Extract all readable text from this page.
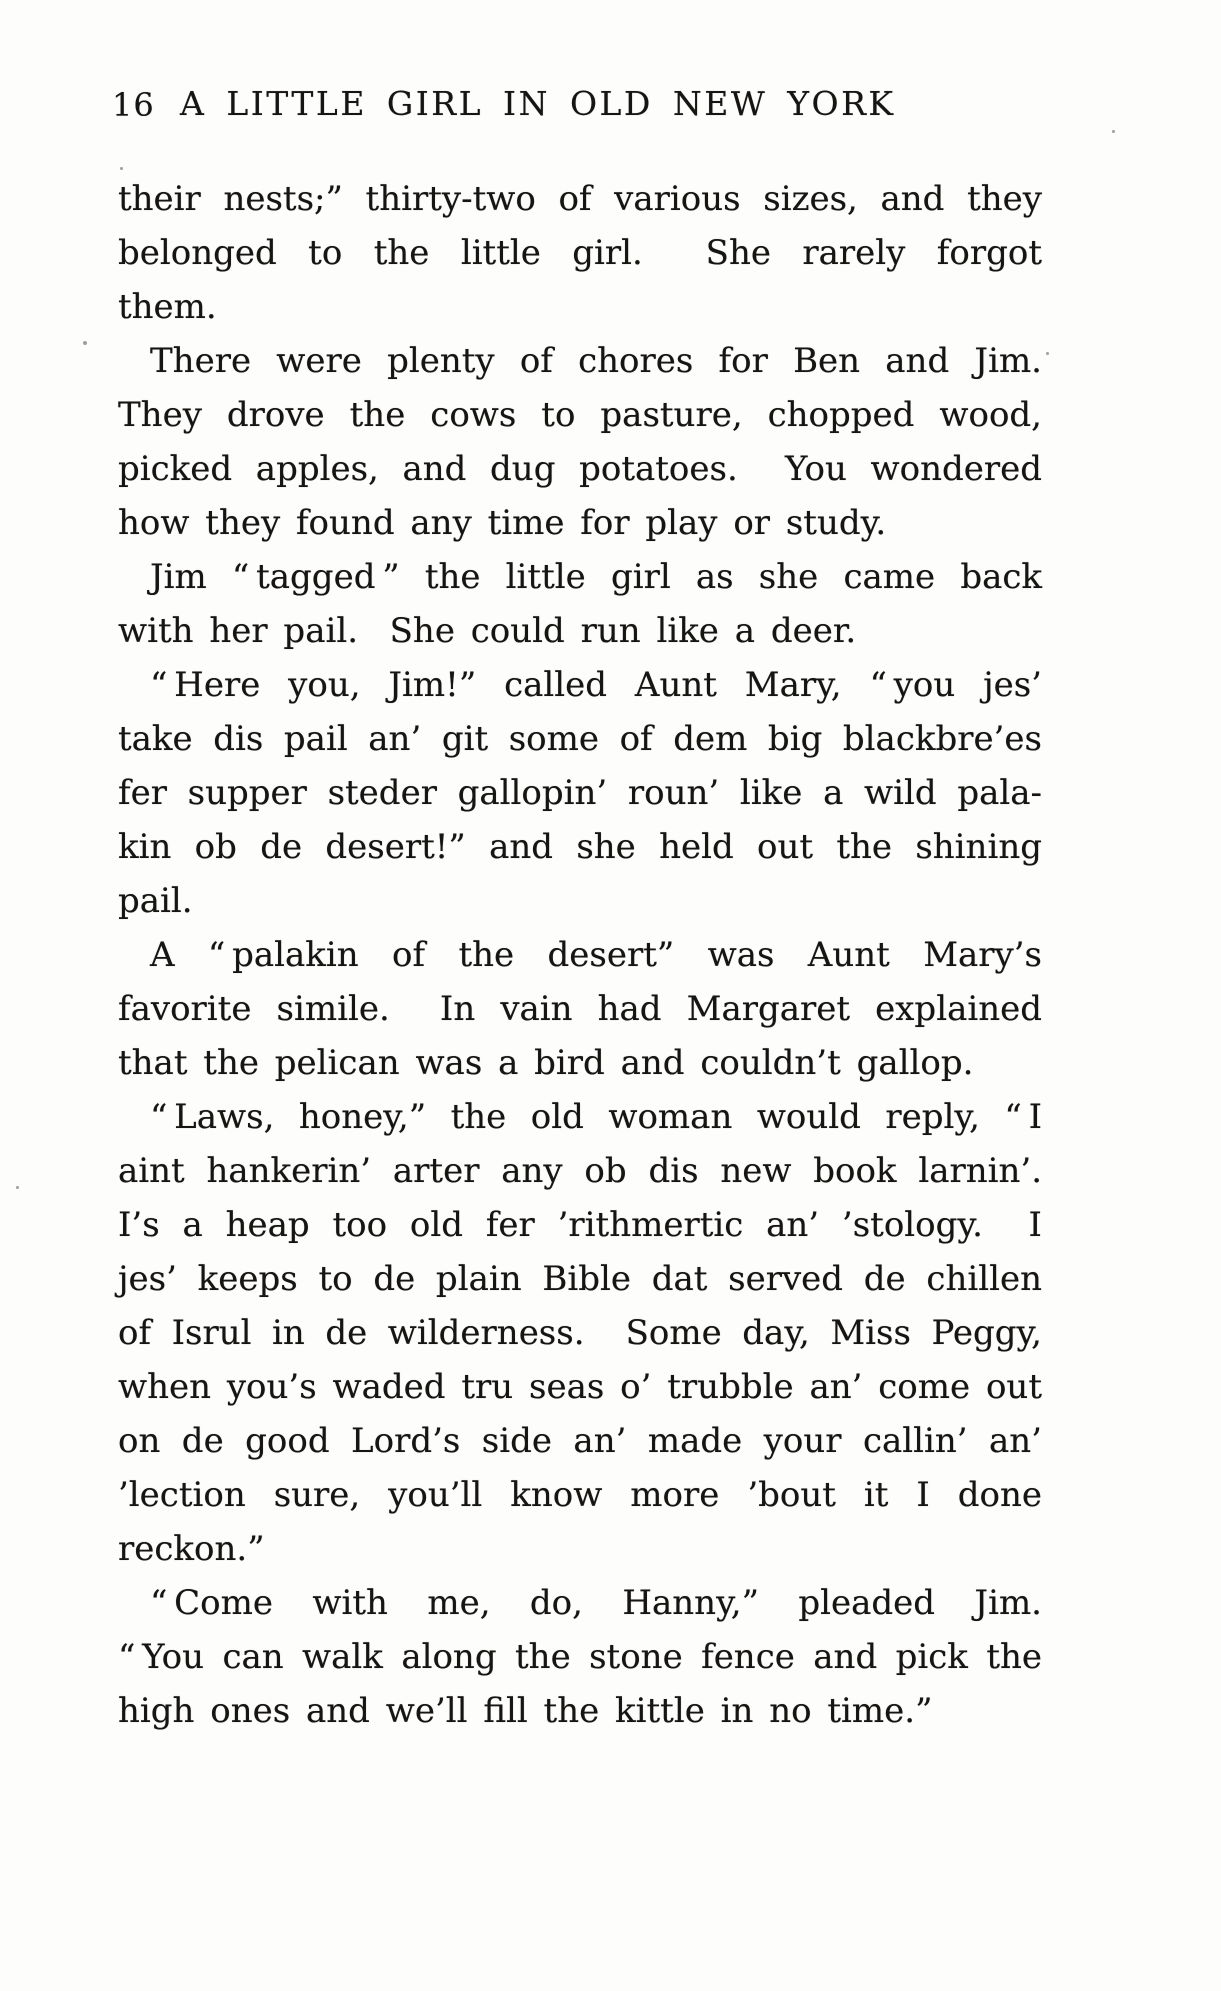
16 A LITTLE GIRL IN OLD NEW YORK
their nests;” thirty-two of various sizes, and they
belonged to the little girl.  She rarely forgot
them.
There were plenty of chores for Ben and Jim.
They drove the cows to pasture, chopped wood,
picked apples, and dug potatoes.  You wondered
how they found any time for play or study.
Jim “ tagged ” the little girl as she came back
with her pail.  She could run like a deer.
“ Here you, Jim!” called Aunt Mary, “ you jes’
take dis pail an’ git some of dem big blackbre’es
fer supper steder gallopin’ roun’ like a wild pala-
kin ob de desert!” and she held out the shining
pail.
A “ palakin of the desert” was Aunt Mary’s
favorite simile.  In vain had Margaret explained
that the pelican was a bird and couldn’t gallop.
“ Laws, honey,” the old woman would reply, “ I
aint hankerin’ arter any ob dis new book larnin’.
I’s a heap too old fer ’rithmertic an’ ’stology.  I
jes’ keeps to de plain Bible dat served de chillen
of Isrul in de wilderness.  Some day, Miss Peggy,
when you’s waded tru seas o’ trubble an’ come out
on de good Lord’s side an’ made your callin’ an’
’lection sure, you’ll know more ’bout it I done
reckon.”
“ Come with me, do, Hanny,” pleaded Jim.
“ You can walk along the stone fence and pick the
high ones and we’ll fill the kittle in no time.”
